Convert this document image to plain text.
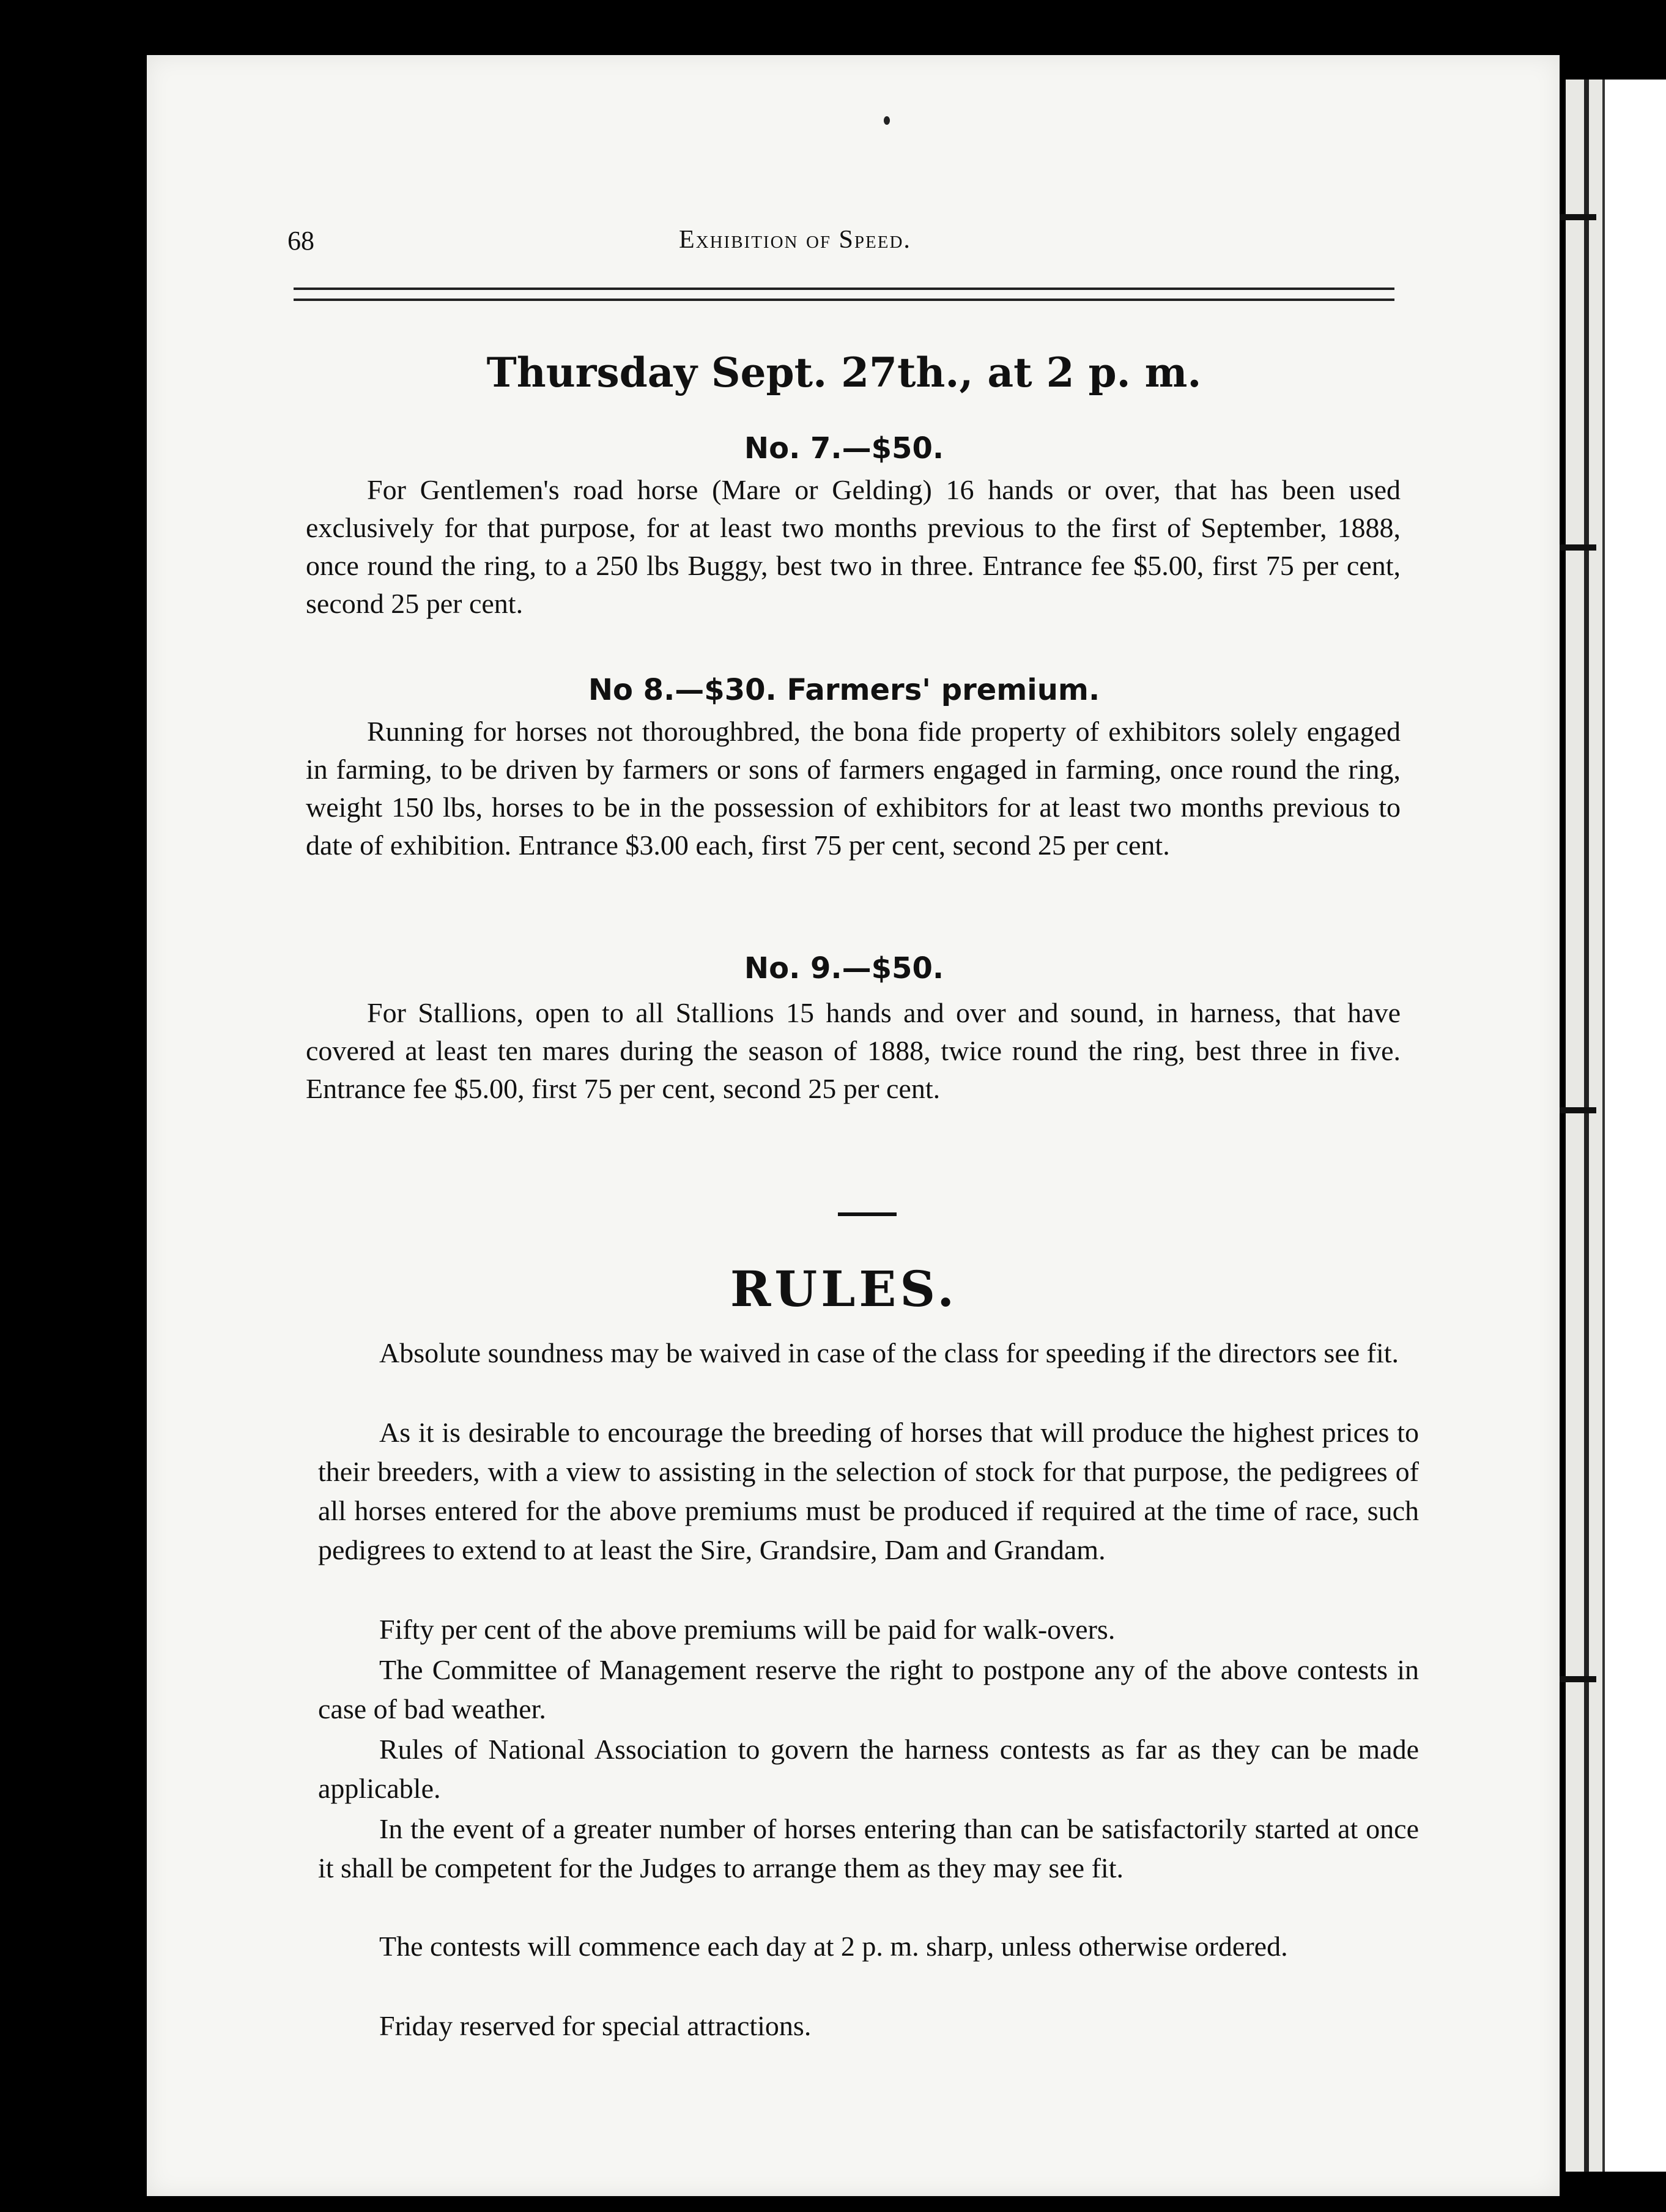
68	Exhibition of Speed.
Thursday Sept. 27th., at 2 p. m.
No. 7.—$50.
For Gentlemen's road horse (Mare or Gelding) 16 hands or over, that has been used exclusively for that purpose, for at least two months previous to the first of September, 1888, once round the ring, to a 250 lbs Buggy, best two in three. Entrance fee $5.00, first 75 per cent, second 25 per cent.
No 8.—$30. Farmers' premium.
Running for horses not thoroughbred, the bona fide property of exhibitors solely engaged in farming, to be driven by farmers or sons of farmers engaged in farming, once round the ring, weight 150 lbs, horses to be in the possession of exhibitors for at least two months previous to date of exhibition. Entrance $3.00 each, first 75 per cent, second 25 per cent.
No. 9.—$50.
For Stallions, open to all Stallions 15 hands and over and sound, in harness, that have covered at least ten mares during the season of 1888, twice round the ring, best three in five. Entrance fee $5.00, first 75 per cent, second 25 per cent.
RULES.
Absolute soundness may be waived in case of the class for speeding if the directors see fit.
As it is desirable to encourage the breeding of horses that will produce the highest prices to their breeders, with a view to assisting in the selection of stock for that purpose, the pedigrees of all horses entered for the above premiums must be produced if required at the time of race, such pedigrees to extend to at least the Sire, Grandsire, Dam and Grandam.
Fifty per cent of the above premiums will be paid for walk-overs.
The Committee of Management reserve the right to postpone any of the above contests in case of bad weather.
Rules of National Association to govern the harness contests as far as they can be made applicable.
In the event of a greater number of horses entering than can be satisfactorily started at once it shall be competent for the Judges to arrange them as they may see fit.
The contests will commence each day at 2 p. m. sharp, unless otherwise ordered.
Friday reserved for special attractions.
